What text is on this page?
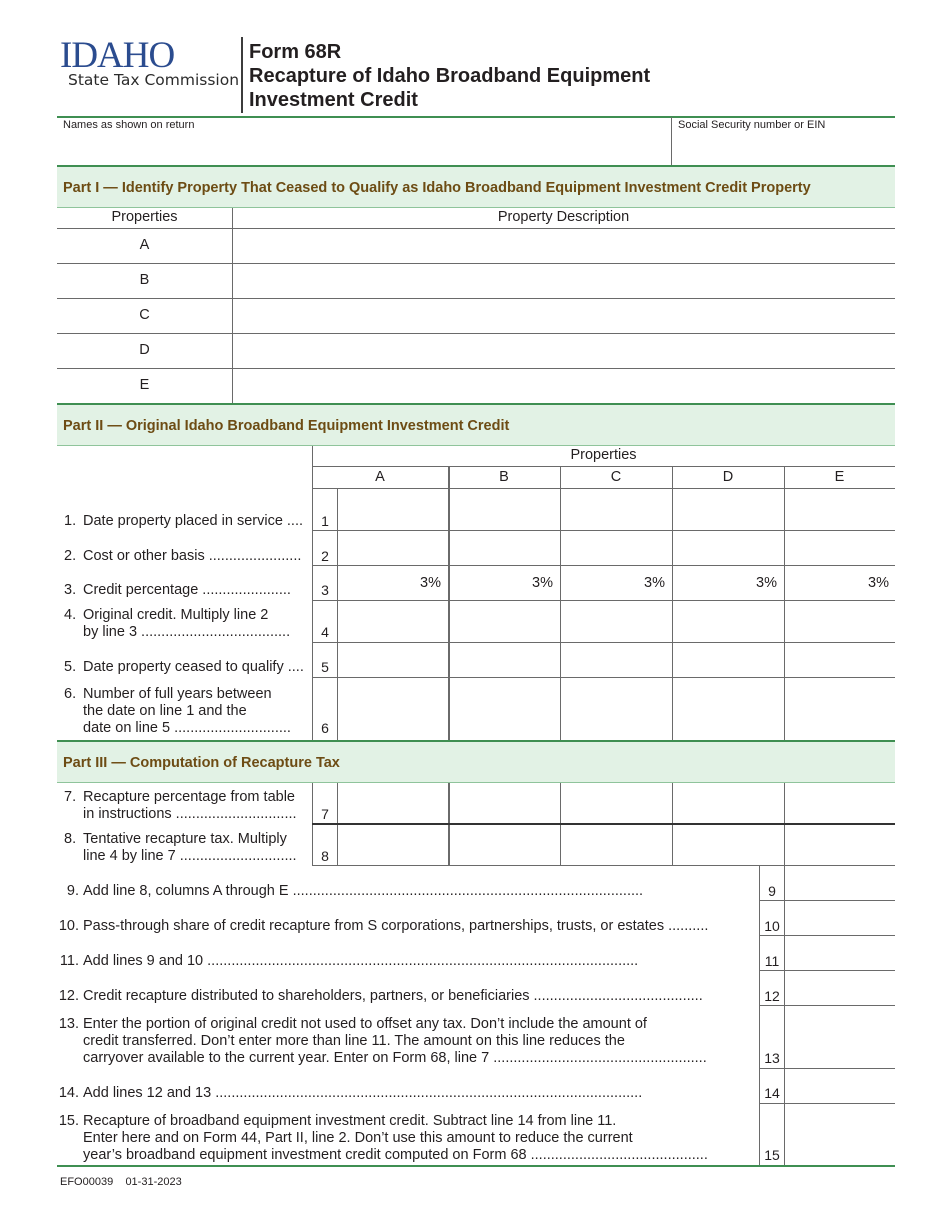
IDAHO
State Tax Commission
Form 68R
Recapture of Idaho Broadband Equipment
Investment Credit
Names as shown on return	Social Security number or EIN
Part I — Identify Property That Ceased to Qualify as Idaho Broadband Equipment Investment Credit Property
Properties	Property Description
A
B
C
D
E
Part II — Original Idaho Broadband Equipment Investment Credit
Properties
A	B	C	D	E
1. Date property placed in service ....	1
2. Cost or other basis .......................	2
3. Credit percentage ......................	3	3%	3%	3%	3%	3%
4. Original credit. Multiply line 2
by line 3 .....................................	4
5. Date property ceased to qualify ....	5
6. Number of full years between
the date on line 1 and the
date on line 5 .............................	6
Part III — Computation of Recapture Tax
7. Recapture percentage from table
in instructions ..............................	7
8. Tentative recapture tax. Multiply
line 4 by line 7 .............................	8
9. Add line 8, columns A through E .......................................................................................	9
10. Pass-through share of credit recapture from S corporations, partnerships, trusts, or estates ..........	10
11. Add lines 9 and 10 ...........................................................................................................	11
12. Credit recapture distributed to shareholders, partners, or beneficiaries ..........................................	12
13. Enter the portion of original credit not used to offset any tax. Don’t include the amount of
credit transferred. Don’t enter more than line 11. The amount on this line reduces the
carryover available to the current year. Enter on Form 68, line 7 .....................................................	13
14. Add lines 12 and 13 ..........................................................................................................	14
15. Recapture of broadband equipment investment credit. Subtract line 14 from line 11.
Enter here and on Form 44, Part II, line 2. Don’t use this amount to reduce the current
year’s broadband equipment investment credit computed on Form 68 ............................................	15
EFO00039 01-31-2023
